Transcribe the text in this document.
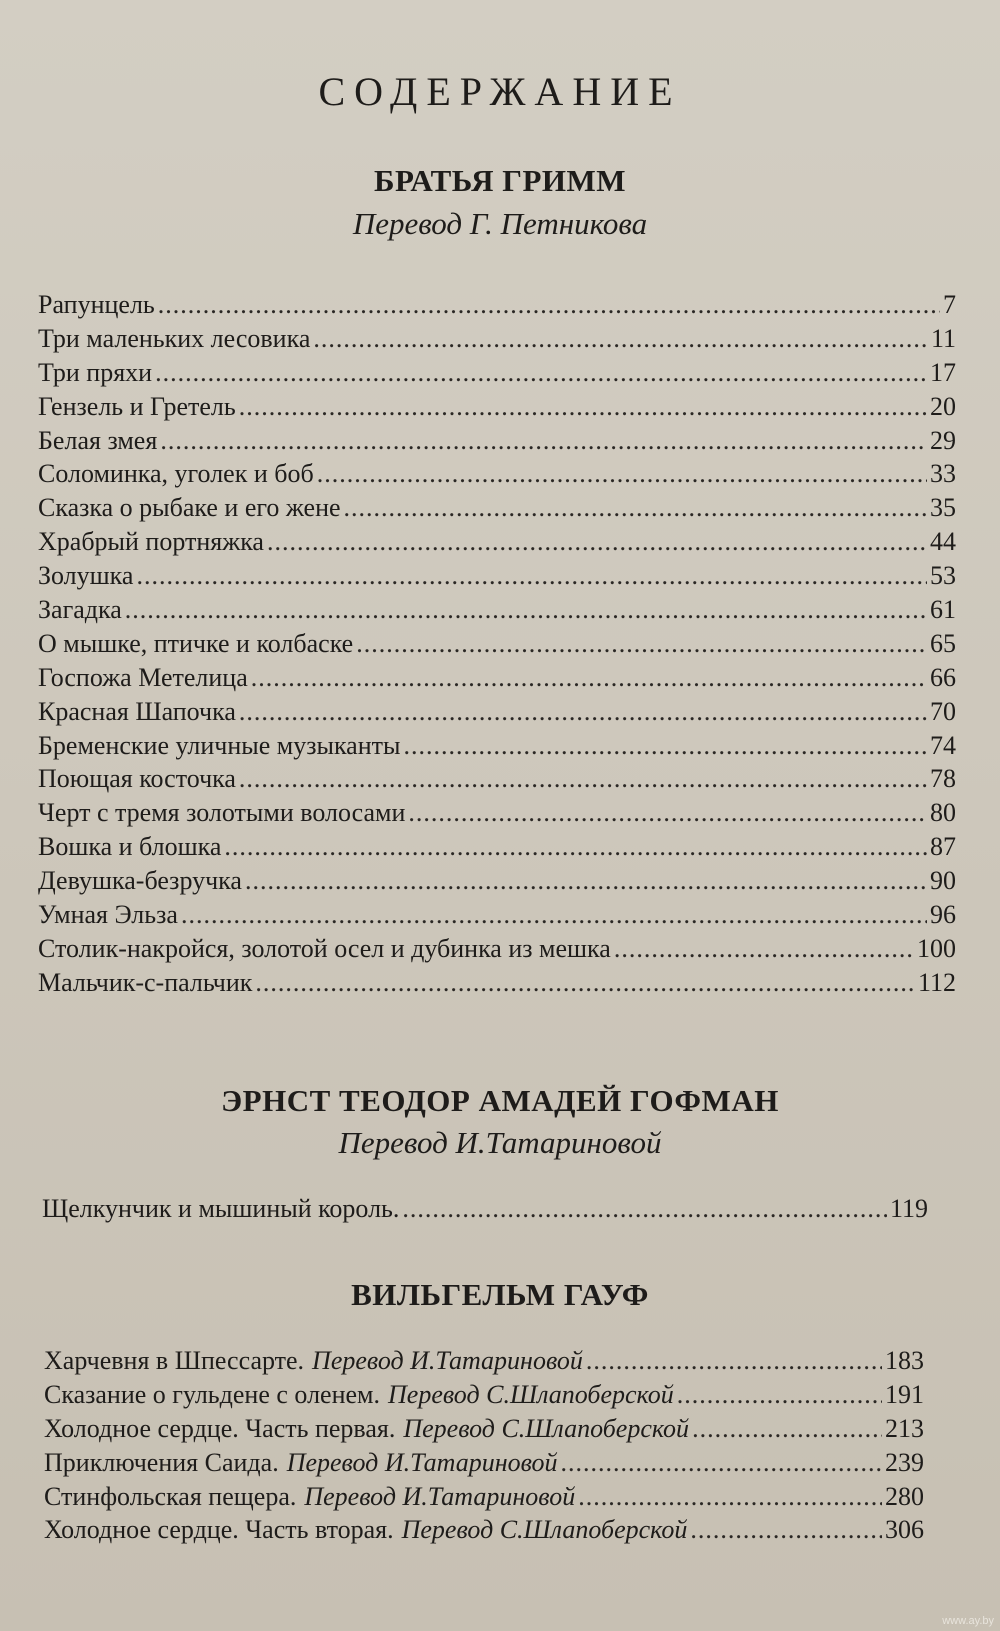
СОДЕРЖАНИЕ
БРАТЬЯ ГРИММ
Перевод Г. Петникова
Рапунцель .....	7
Три маленьких лесовика .....	11
Три пряхи .....	17
Гензель и Гретель .....	20
Белая змея .....	29
Соломинка, уголек и боб .....	33
Сказка о рыбаке и его жене .....	35
Храбрый портняжка .....	44
Золушка .....	53
Загадка .....	61
О мышке, птичке и колбаске .....	65
Госпожа Метелица .....	66
Красная Шапочка .....	70
Бременские уличные музыканты .....	74
Поющая косточка .....	78
Черт с тремя золотыми волосами .....	80
Вошка и блошка .....	87
Девушка-безручка .....	90
Умная Эльза .....	96
Столик-накройся, золотой осел и дубинка из мешка .....	100
Мальчик-с-пальчик .....	112
ЭРНСТ ТЕОДОР АМАДЕЙ ГОФМАН
Перевод И.Татариновой
Щелкунчик и мышиный король. .....	119
ВИЛЬГЕЛЬМ ГАУФ
Харчевня в Шпессарте. Перевод И.Татариновой .....	183
Сказание о гульдене с оленем. Перевод С.Шлапоберской .....	191
Холодное сердце. Часть первая. Перевод С.Шлапоберской .....	213
Приключения Саида. Перевод И.Татариновой .....	239
Стинфольская пещера. Перевод И.Татариновой .....	280
Холодное сердце. Часть вторая. Перевод С.Шлапоберской .....	306
www.ay.by
